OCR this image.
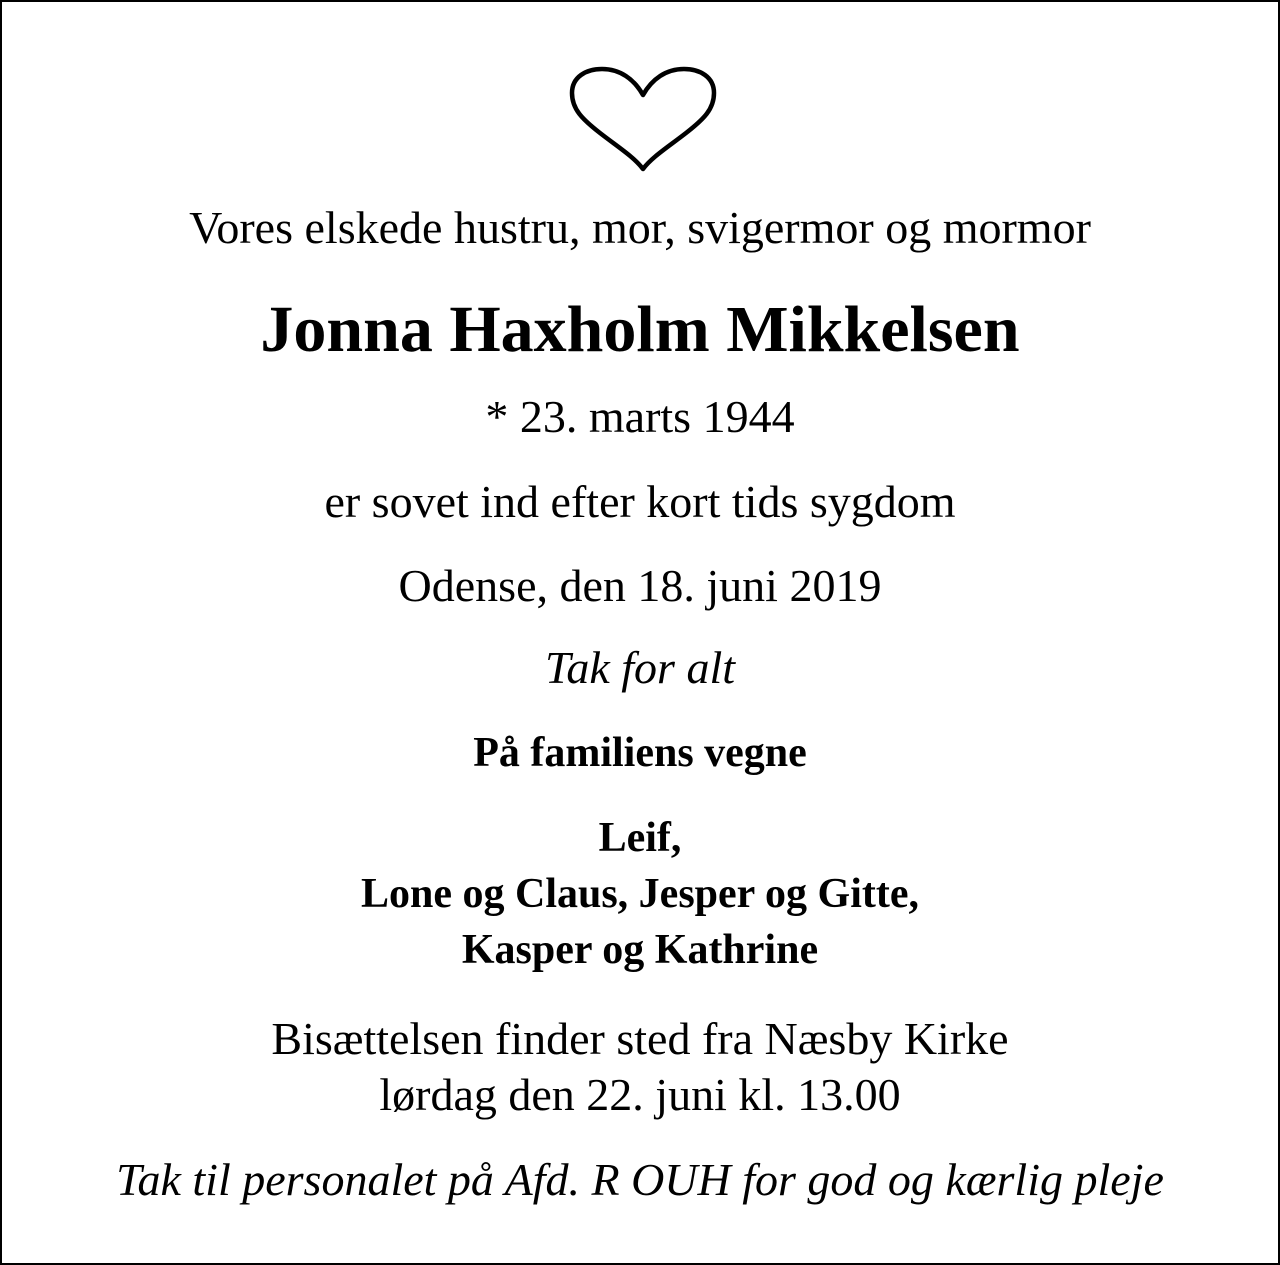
Vores elskede hustru, mor, svigermor og mormor
Jonna Haxholm Mikkelsen
* 23. marts 1944
er sovet ind efter kort tids sygdom
Odense, den 18. juni 2019
Tak for alt
På familiens vegne
Leif,
Lone og Claus, Jesper og Gitte,
Kasper og Kathrine
Bisættelsen finder sted fra Næsby Kirke
lørdag den 22. juni kl. 13.00
Tak til personalet på Afd. R OUH for god og kærlig pleje
